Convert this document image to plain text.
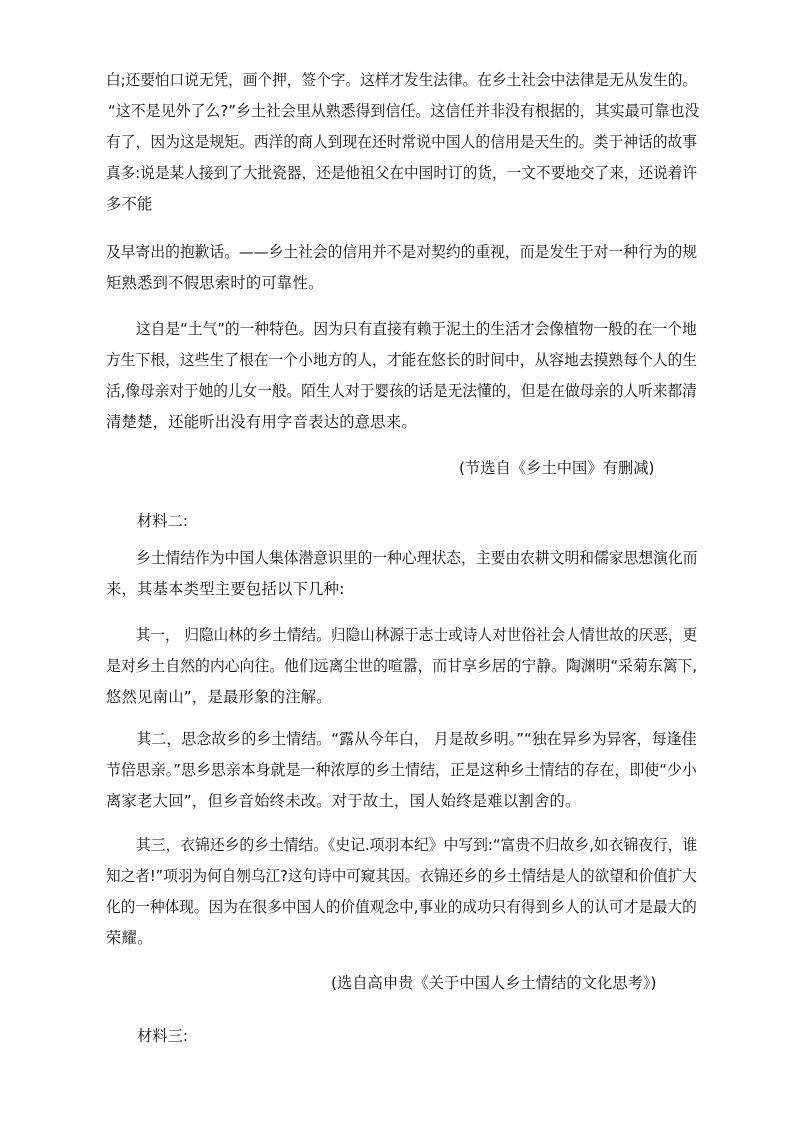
白;还要怕口说无凭，画个押，签个字。这样才发生法律。在乡土社会中法律是无从发生的。
“这不是见外了么?”乡土社会里从熟悉得到信任。这信任并非没有根据的，其实最可靠也没
有了，因为这是规矩。西洋的商人到现在还时常说中国人的信用是天生的。类于神话的故事
真多:说是某人接到了大批瓷器，还是他祖父在中国时订的货，一文不要地交了来，还说着许
多不能
及早寄出的抱歉话。——乡土社会的信用并不是对契约的重视，而是发生于对一种行为的规
矩熟悉到不假思索时的可靠性。
这自是“土气”的一种特色。因为只有直接有赖于泥土的生活才会像植物一般的在一个地
方生下根，这些生了根在一个小地方的人，才能在悠长的时间中，从容地去摸熟每个人的生
活,像母亲对于她的儿女一般。陌生人对于婴孩的话是无法懂的，但是在做母亲的人听来都清
清楚楚，还能听出没有用字音表达的意思来。

(节选自《乡土中国》有删减)

材料二:

乡土情结作为中国人集体潜意识里的一种心理状态，主要由农耕文明和儒家思想演化而
来，其基本类型主要包括以下几种:
其一， 归隐山林的乡土情结。归隐山林源于志士或诗人对世俗社会人情世故的厌恶，更
是对乡土自然的内心向往。他们远离尘世的喧嚣，而甘享乡居的宁静。陶渊明“采菊东篱下,
悠然见南山”，是最形象的注解。
其二，思念故乡的乡土情结。“露从今年白， 月是故乡明。”“独在异乡为异客，每逢佳
节倍思亲。”思乡思亲本身就是一种浓厚的乡土情结，正是这种乡土情结的存在，即使“少小
离家老大回”，但乡音始终未改。对于故土，国人始终是难以割舍的。
其三，衣锦还乡的乡土情结。《史记.项羽本纪》中写到:“富贵不归故乡,如衣锦夜行，谁
知之者!”项羽为何自刎乌江?这句诗中可窥其因。衣锦还乡的乡土情结是人的欲望和价值扩大
化的一种体现。因为在很多中国人的价值观念中,事业的成功只有得到乡人的认可才是最大的
荣耀。

(选自高申贵《关于中国人乡土情结的文化思考》)

材料三:
